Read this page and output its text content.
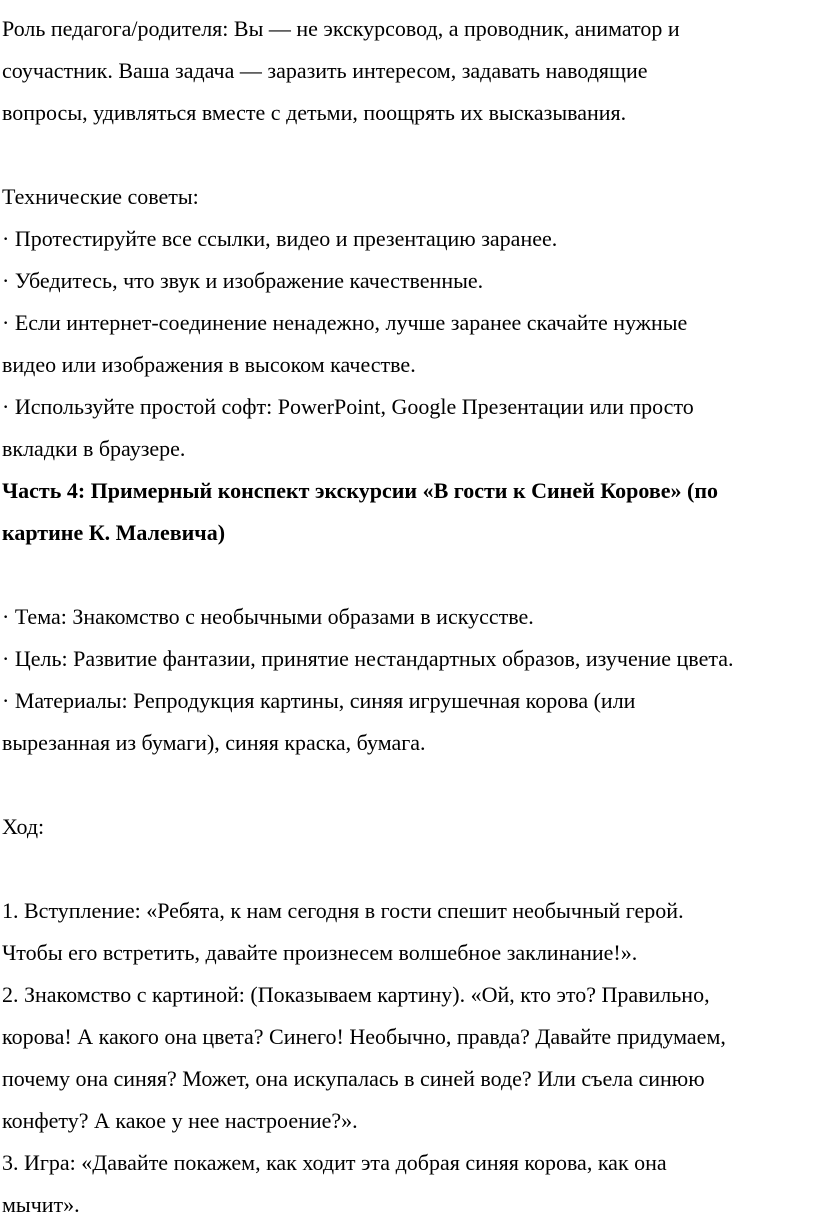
Роль педагога/родителя: Вы — не экскурсовод, а проводник, аниматор и
соучастник. Ваша задача — заразить интересом, задавать наводящие
вопросы, удивляться вместе с детьми, поощрять их высказывания.
Технические советы:
· Протестируйте все ссылки, видео и презентацию заранее.
· Убедитесь, что звук и изображение качественные.
· Если интернет-соединение ненадежно, лучше заранее скачайте нужные
видео или изображения в высоком качестве.
· Используйте простой софт: PowerPoint, Google Презентации или просто
вкладки в браузере.
Часть 4: Примерный конспект экскурсии «В гости к Синей Корове» (по
картине К. Малевича)
· Тема: Знакомство с необычными образами в искусстве.
· Цель: Развитие фантазии, принятие нестандартных образов, изучение цвета.
· Материалы: Репродукция картины, синяя игрушечная корова (или
вырезанная из бумаги), синяя краска, бумага.
Ход:
1. Вступление: «Ребята, к нам сегодня в гости спешит необычный герой.
Чтобы его встретить, давайте произнесем волшебное заклинание!».
2. Знакомство с картиной: (Показываем картину). «Ой, кто это? Правильно,
корова! А какого она цвета? Синего! Необычно, правда? Давайте придумаем,
почему она синяя? Может, она искупалась в синей воде? Или съела синюю
конфету? А какое у нее настроение?».
3. Игра: «Давайте покажем, как ходит эта добрая синяя корова, как она
мычит».
